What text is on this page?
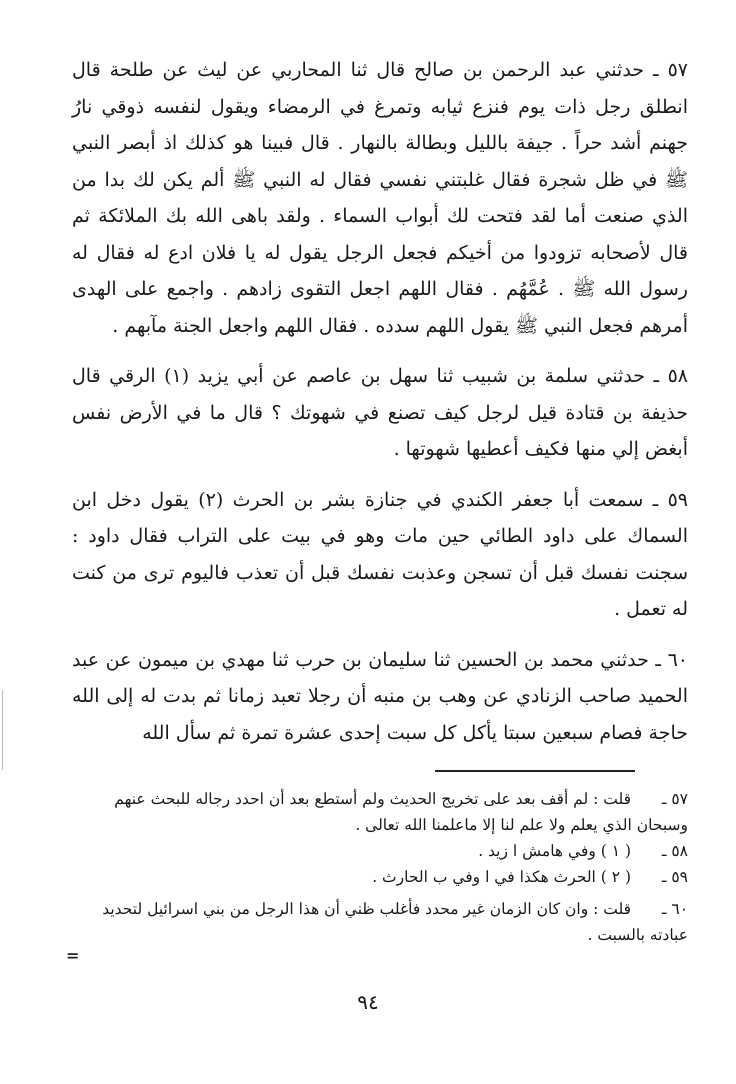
٥٧ ـ حدثني عبد الرحمن بن صالح قال ثنا المحاربي عن ليث عن طلحة قال انطلق رجل ذات يوم فنزع ثيابه وتمرغ في الرمضاء ويقول لنفسه ذوقي نارُ جهنم أشد حراً . جيفة بالليل وبطالة بالنهار . قال فبينا هو كذلك اذ أبصر النبي ﷺ في ظل شجرة فقال غلبتني نفسي فقال له النبي ﷺ ألم يكن لك بدا من الذي صنعت أما لقد فتحت لك أبواب السماء . ولقد باهى الله بك الملائكة ثم قال لأصحابه تزودوا من أخيكم فجعل الرجل يقول له يا فلان ادع له فقال له رسول الله ﷺ . عُمَّهُم . فقال اللهم اجعل التقوى زادهم . واجمع على الهدى أمرهم فجعل النبي ﷺ يقول اللهم سدده . فقال اللهم واجعل الجنة مآبهم .

٥٨ ـ حدثني سلمة بن شبيب ثنا سهل بن عاصم عن أبي يزيد (١) الرقي قال حذيفة بن قتادة قيل لرجل كيف تصنع في شهوتك ؟ قال ما في الأرض نفس أبغض إلي منها فكيف أعطيها شهوتها .

٥٩ ـ سمعت أبا جعفر الكندي في جنازة بشر بن الحرث (٢) يقول دخل ابن السماك على داود الطائي حين مات وهو في بيت على التراب فقال داود : سجنت نفسك قبل أن تسجن وعذبت نفسك قبل أن تعذب فاليوم ترى من كنت له تعمل .

٦٠ ـ حدثني محمد بن الحسين ثنا سليمان بن حرب ثنا مهدي بن ميمون عن عبد الحميد صاحب الزنادي عن وهب بن منبه أن رجلا تعبد زمانا ثم بدت له إلى الله حاجة فصام سبعين سبتا يأكل كل سبت إحدى عشرة تمرة ثم سأل الله

٥٧ ـ قلت : لم أقف بعد على تخريج الحديث ولم أستطع بعد أن احدد رجاله للبحث عنهم

وسبحان الذي يعلم ولا علم لنا إلا ماعلمنا الله تعالى .

٥٨ ـ ( ١ ) وفي هامش ا زيد .

٥٩ ـ ( ٢ ) الحرث هكذا في ا وفي ب الحارث .

٦٠ ـ قلت : وان كان الزمان غير محدد فأغلب ظني أن هذا الرجل من بني اسرائيل لتحديد

عبادته بالسبت .

=
٩٤
